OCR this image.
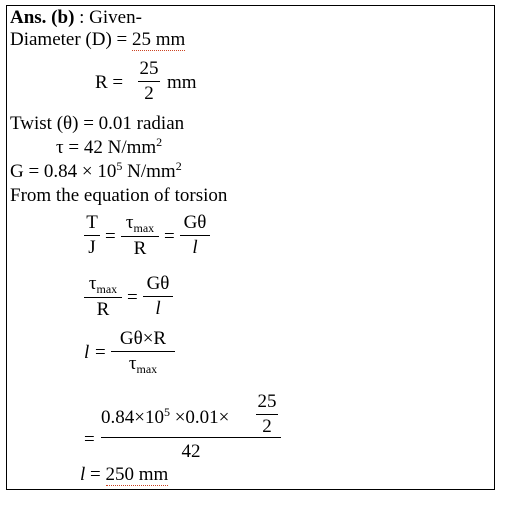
Ans. (b) : Given-
Diameter (D) = 25 mm
R =
25
2
mm
Twist (θ) = 0.01 radian
τ = 42 $N/mm^2$
$G = 0.84 \times 10^5$ $N/mm^2$
From the equation of torsion
T
J
=
$\tau_{max}$
R
=
Gθ
l
$\tau_{max}$
R
=
Gθ
l
l =
Gθ×R
$\tau_{max}$
=
$0.84\times 10^5 \times 0.01\times$
25
2
42
l = 250 mm
